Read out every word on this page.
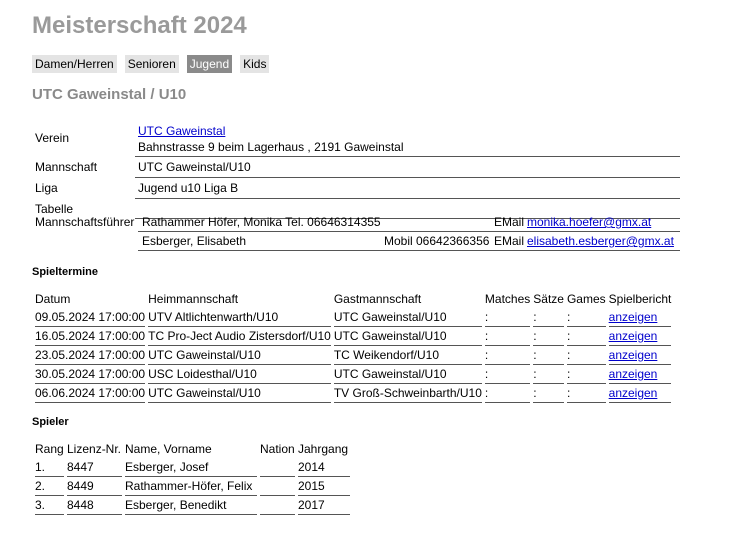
Meisterschaft 2024
Damen/Herren Senioren Jugend Kids
UTC Gaweinstal / U10
Verein	UTC Gaweinstal
Bahnstrasse 9 beim Lagerhaus , 2191 Gaweinstal
Mannschaft	UTC Gaweinstal/U10
Liga	Jugend u10 Liga B
Tabelle	
Mannschaftsführer Rathammer Höfer, Monika Tel. 06646314355	EMail monika.hoefer@gmx.at
Esberger, Elisabeth	Mobil 06642366356 EMail elisabeth.esberger@gmx.at
Spieltermine
Datum	Heimmannschaft	Gastmannschaft	Matches	Sätze	Games	Spielbericht
09.05.2024 17:00:00	UTV Altlichtenwarth/U10	UTC Gaweinstal/U10	:	:	:	anzeigen
16.05.2024 17:00:00	TC Pro-Ject Audio Zistersdorf/U10	UTC Gaweinstal/U10	:	:	:	anzeigen
23.05.2024 17:00:00	UTC Gaweinstal/U10	TC Weikendorf/U10	:	:	:	anzeigen
30.05.2024 17:00:00	USC Loidesthal/U10	UTC Gaweinstal/U10	:	:	:	anzeigen
06.06.2024 17:00:00	UTC Gaweinstal/U10	TV Groß-Schweinbarth/U10	:	:	:	anzeigen
Spieler
Rang	Lizenz-Nr.	Name, Vorname	Nation	Jahrgang
1.	8447	Esberger, Josef		2014
2.	8449	Rathammer-Höfer, Felix		2015
3.	8448	Esberger, Benedikt		2017
